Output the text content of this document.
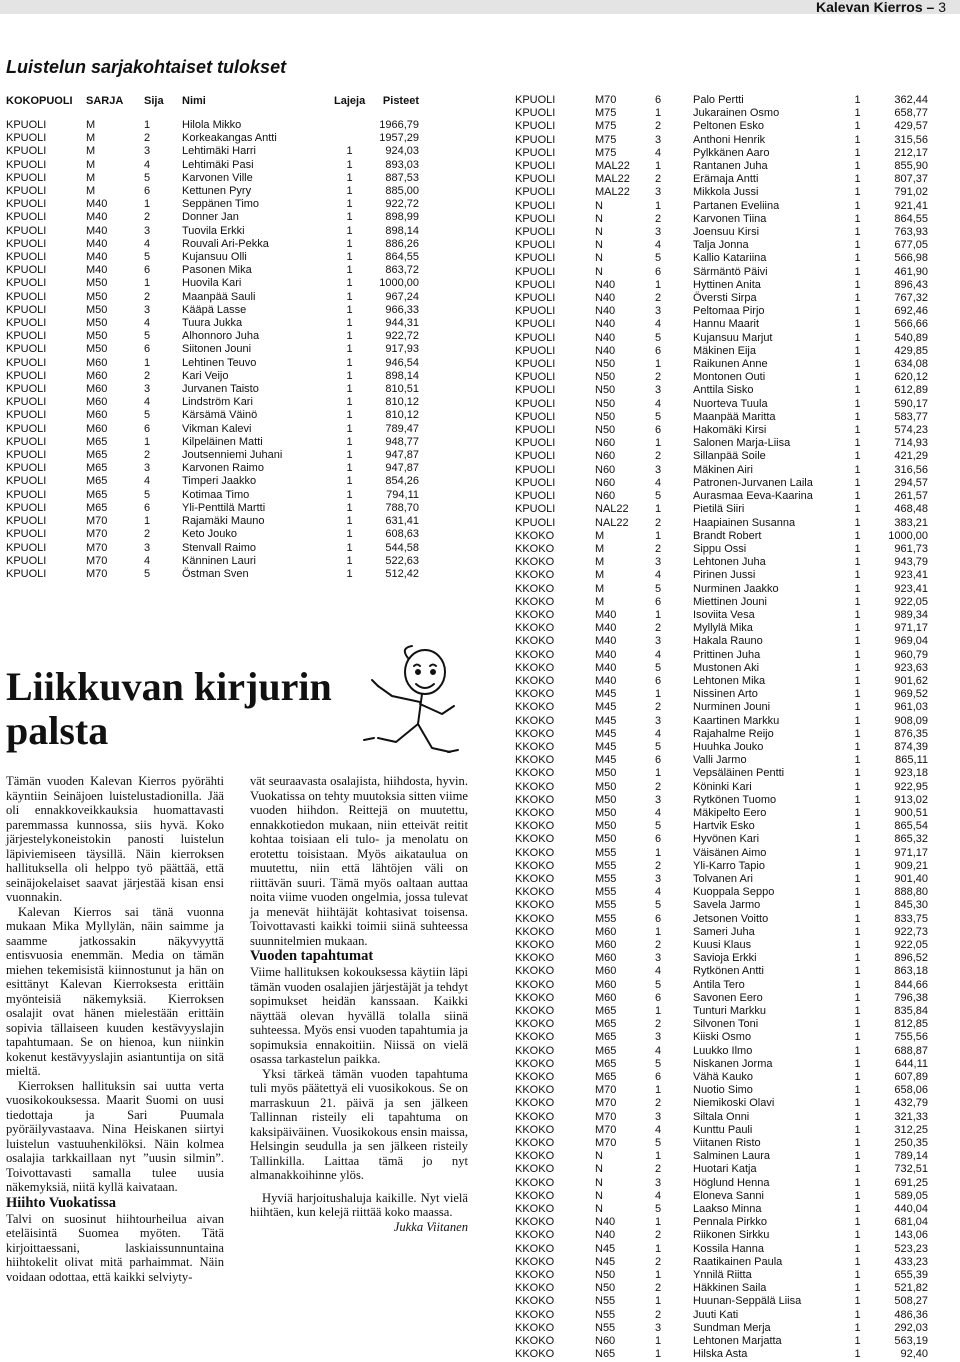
Kalevan Kierros – 3
Luistelun sarjakohtaiset tulokset
KOKOPUOLI	SARJA	Sija	Nimi	Lajeja	Pisteet
KPUOLI	M	1	Hilola Mikko		1966,79
KPUOLI	M	2	Korkeakangas Antti		1957,29
KPUOLI	M	3	Lehtimäki Harri	1	924,03
KPUOLI	M	4	Lehtimäki Pasi	1	893,03
KPUOLI	M	5	Karvonen Ville	1	887,53
KPUOLI	M	6	Kettunen Pyry	1	885,00
KPUOLI	M40	1	Seppänen Timo	1	922,72
KPUOLI	M40	2	Donner Jan	1	898,99
KPUOLI	M40	3	Tuovila Erkki	1	898,14
KPUOLI	M40	4	Rouvali Ari-Pekka	1	886,26
KPUOLI	M40	5	Kujansuu Olli	1	864,55
KPUOLI	M40	6	Pasonen Mika	1	863,72
KPUOLI	M50	1	Huovila Kari	1	1000,00
KPUOLI	M50	2	Maanpää Sauli	1	967,24
KPUOLI	M50	3	Kääpä Lasse	1	966,33
KPUOLI	M50	4	Tuura Jukka	1	944,31
KPUOLI	M50	5	Alhonnoro Juha	1	922,72
KPUOLI	M50	6	Siitonen Jouni	1	917,93
KPUOLI	M60	1	Lehtinen Teuvo	1	946,54
KPUOLI	M60	2	Kari Veijo	1	898,14
KPUOLI	M60	3	Jurvanen Taisto	1	810,51
KPUOLI	M60	4	Lindström Kari	1	810,12
KPUOLI	M60	5	Kärsämä Väinö	1	810,12
KPUOLI	M60	6	Vikman Kalevi	1	789,47
KPUOLI	M65	1	Kilpeläinen Matti	1	948,77
KPUOLI	M65	2	Joutsenniemi Juhani	1	947,87
KPUOLI	M65	3	Karvonen Raimo	1	947,87
KPUOLI	M65	4	Timperi Jaakko	1	854,26
KPUOLI	M65	5	Kotimaa Timo	1	794,11
KPUOLI	M65	6	Yli-Penttilä Martti	1	788,70
KPUOLI	M70	1	Rajamäki Mauno	1	631,41
KPUOLI	M70	2	Keto Jouko	1	608,63
KPUOLI	M70	3	Stenvall Raimo	1	544,58
KPUOLI	M70	4	Känninen Lauri	1	522,63
KPUOLI	M70	5	Östman Sven	1	512,42
KPUOLI	M70	6	Palo Pertti	1	362,44
KPUOLI	M75	1	Jukarainen Osmo	1	658,77
KPUOLI	M75	2	Peltonen Esko	1	429,57
KPUOLI	M75	3	Anthoni Henrik	1	315,56
KPUOLI	M75	4	Pylkkänen Aaro	1	212,17
KPUOLI	MAL22	1	Rantanen Juha	1	855,90
KPUOLI	MAL22	2	Erämaja Antti	1	807,37
KPUOLI	MAL22	3	Mikkola Jussi	1	791,02
KPUOLI	N	1	Partanen Eveliina	1	921,41
KPUOLI	N	2	Karvonen Tiina	1	864,55
KPUOLI	N	3	Joensuu Kirsi	1	763,93
KPUOLI	N	4	Talja Jonna	1	677,05
KPUOLI	N	5	Kallio Katariina	1	566,98
KPUOLI	N	6	Särmäntö Päivi	1	461,90
KPUOLI	N40	1	Hyttinen Anita	1	896,43
KPUOLI	N40	2	Översti Sirpa	1	767,32
KPUOLI	N40	3	Peltomaa Pirjo	1	692,46
KPUOLI	N40	4	Hannu Maarit	1	566,66
KPUOLI	N40	5	Kujansuu Marjut	1	540,89
KPUOLI	N40	6	Mäkinen Eija	1	429,85
KPUOLI	N50	1	Raikunen Anne	1	634,08
KPUOLI	N50	2	Montonen Outi	1	620,12
KPUOLI	N50	3	Anttila Sisko	1	612,89
KPUOLI	N50	4	Nuorteva Tuula	1	590,17
KPUOLI	N50	5	Maanpää Maritta	1	583,77
KPUOLI	N50	6	Hakomäki Kirsi	1	574,23
KPUOLI	N60	1	Salonen Marja-Liisa	1	714,93
KPUOLI	N60	2	Sillanpää Soile	1	421,29
KPUOLI	N60	3	Mäkinen Airi	1	316,56
KPUOLI	N60	4	Patronen-Jurvanen Laila	1	294,57
KPUOLI	N60	5	Aurasmaa Eeva-Kaarina	1	261,57
KPUOLI	NAL22	1	Pietilä Siiri	1	468,48
KPUOLI	NAL22	2	Haapiainen Susanna	1	383,21
KKOKO	M	1	Brandt Robert	1	1000,00
KKOKO	M	2	Sippu Ossi	1	961,73
KKOKO	M	3	Lehtonen Juha	1	943,79
KKOKO	M	4	Pirinen Jussi	1	923,41
KKOKO	M	5	Nurminen Jaakko	1	923,41
KKOKO	M	6	Miettinen Jouni	1	922,05
KKOKO	M40	1	Isoviita Vesa	1	989,34
KKOKO	M40	2	Myllylä Mika	1	971,17
KKOKO	M40	3	Hakala Rauno	1	969,04
KKOKO	M40	4	Prittinen Juha	1	960,79
KKOKO	M40	5	Mustonen Aki	1	923,63
KKOKO	M40	6	Lehtonen Mika	1	901,62
KKOKO	M45	1	Nissinen Arto	1	969,52
KKOKO	M45	2	Nurminen Jouni	1	961,03
KKOKO	M45	3	Kaartinen Markku	1	908,09
KKOKO	M45	4	Rajahalme Reijo	1	876,35
KKOKO	M45	5	Huuhka Jouko	1	874,39
KKOKO	M45	6	Valli Jarmo	1	865,11
KKOKO	M50	1	Vepsäläinen Pentti	1	923,18
KKOKO	M50	2	Köninki Kari	1	922,95
KKOKO	M50	3	Rytkönen Tuomo	1	913,02
KKOKO	M50	4	Mäkipelto Eero	1	900,51
KKOKO	M50	5	Hartvik Esko	1	865,54
KKOKO	M50	6	Hyvönen Kari	1	865,32
KKOKO	M55	1	Väisänen Aimo	1	971,17
KKOKO	M55	2	Yli-Karro Tapio	1	909,21
KKOKO	M55	3	Tolvanen Ari	1	901,40
KKOKO	M55	4	Kuoppala Seppo	1	888,80
KKOKO	M55	5	Savela Jarmo	1	845,30
KKOKO	M55	6	Jetsonen Voitto	1	833,75
KKOKO	M60	1	Sameri Juha	1	922,73
KKOKO	M60	2	Kuusi Klaus	1	922,05
KKOKO	M60	3	Savioja Erkki	1	896,52
KKOKO	M60	4	Rytkönen Antti	1	863,18
KKOKO	M60	5	Antila Tero	1	844,66
KKOKO	M60	6	Savonen Eero	1	796,38
KKOKO	M65	1	Tunturi Markku	1	835,84
KKOKO	M65	2	Silvonen Toni	1	812,85
KKOKO	M65	3	Kiiski Osmo	1	755,56
KKOKO	M65	4	Luukko Ilmo	1	688,87
KKOKO	M65	5	Niskanen Jorma	1	644,11
KKOKO	M65	6	Vähä Kauko	1	607,89
KKOKO	M70	1	Nuotio Simo	1	658,06
KKOKO	M70	2	Niemikoski Olavi	1	432,79
KKOKO	M70	3	Siltala Onni	1	321,33
KKOKO	M70	4	Kunttu Pauli	1	312,25
KKOKO	M70	5	Viitanen Risto	1	250,35
KKOKO	N	1	Salminen Laura	1	789,14
KKOKO	N	2	Huotari Katja	1	732,51
KKOKO	N	3	Höglund Henna	1	691,25
KKOKO	N	4	Eloneva Sanni	1	589,05
KKOKO	N	5	Laakso Minna	1	440,04
KKOKO	N40	1	Pennala Pirkko	1	681,04
KKOKO	N40	2	Riikonen Sirkku	1	143,06
KKOKO	N45	1	Kossila Hanna	1	523,23
KKOKO	N45	2	Raatikainen Paula	1	433,23
KKOKO	N50	1	Ynnilä Riitta	1	655,39
KKOKO	N50	2	Häkkinen Saila	1	521,82
KKOKO	N55	1	Huunan-Seppälä Liisa	1	508,27
KKOKO	N55	2	Juuti Kati	1	486,36
KKOKO	N55	3	Sundman Merja	1	292,03
KKOKO	N60	1	Lehtonen Marjatta	1	563,19
KKOKO	N65	1	Hilska Asta	1	92,40
Liikkuvan kirjurin
palsta

Tämän vuoden Kalevan Kierros pyörähti käyntiin Seinäjoen luistelustadionilla. Jää oli ennakkoveikkauksia huomattavasti paremmassa kunnossa, siis hyvä. Koko järjestelykoneistokin panosti luistelun läpiviemiseen täysillä. Näin kierroksen hallituksella oli helppo työ päättää, että seinäjokelaiset saavat järjestää kisan ensi vuonnakin.

Kalevan Kierros sai tänä vuonna mukaan Mika Myllylän, näin saimme ja saamme jatkossakin näkyvyyttä entisvuosia enemmän. Media on tämän miehen tekemisistä kiinnostunut ja hän on esittänyt Kalevan Kierroksesta erittäin myönteisiä näkemyksiä. Kierroksen osalajit ovat hänen mielestään erittäin sopivia tällaiseen kuuden kestävyyslajin tapahtumaan. Se on hienoa, kun niinkin kokenut kestävyyslajin asiantuntija on sitä mieltä.

Kierroksen hallituksin sai uutta verta vuosikokouksessa. Maarit Suomi on uusi tiedottaja ja Sari Puumala pyöräilyvastaava. Nina Heiskanen siirtyi luistelun vastuuhenkilöksi. Näin kolmea osalajia tarkkaillaan nyt ”uusin silmin”. Toivottavasti samalla tulee uusia näkemyksiä, niitä kyllä kaivataan.

Hiihto Vuokatissa

Talvi on suosinut hiihtourheilua aivan eteläisintä Suomea myöten. Tätä kirjoittaessani, laskiaissunnuntaina hiihtokelit olivat mitä parhaimmat. Näin voidaan odottaa, että kaikki selviyty-

vät seuraavasta osalajista, hiihdosta, hyvin. Vuokatissa on tehty muutoksia sitten viime vuoden hiihdon. Reittejä on muutettu, ennakkotiedon mukaan, niin etteivät reitit kohtaa toisiaan eli tulo- ja menolatu on erotettu toisistaan. Myös aikatauluа on muutettu, niin että lähtöjen väli on riittävän suuri. Tämä myös oaltaan auttaa noita viime vuoden ongelmia, jossa tulevat ja menevät hiihtäjät kohtasivat toisensa. Toivottavasti kaikki toimii siinä suhteessa suunnitelmien mukaan.

Vuoden tapahtumat

Viime hallituksen kokouksessa käytiin läpi tämän vuoden osalajien järjestäjät ja tehdyt sopimukset heidän kanssaan. Kaikki näyttää olevan hyvällä tolalla siinä suhteessa. Myös ensi vuoden tapahtumia ja sopimuksia ennakoitiin. Niissä on vielä osassa tarkastelun paikka.

Yksi tärkeä tämän vuoden tapahtuma tuli myös päätettyä eli vuosikokous. Se on marraskuun 21. päivä ja sen jälkeen Tallinnan risteily eli tapahtuma on kaksipäiväinen. Vuosikokous ensin maissa, Helsingin seudulla ja sen jälkeen risteily Tallinkilla. Laittaa tämä jo nyt almanakkoihinne ylös.

Hyviä harjoitushaluja kaikille. Nyt vielä hiihtäen, kun kelejä riittää koko maassa.

Jukka Viitanen
